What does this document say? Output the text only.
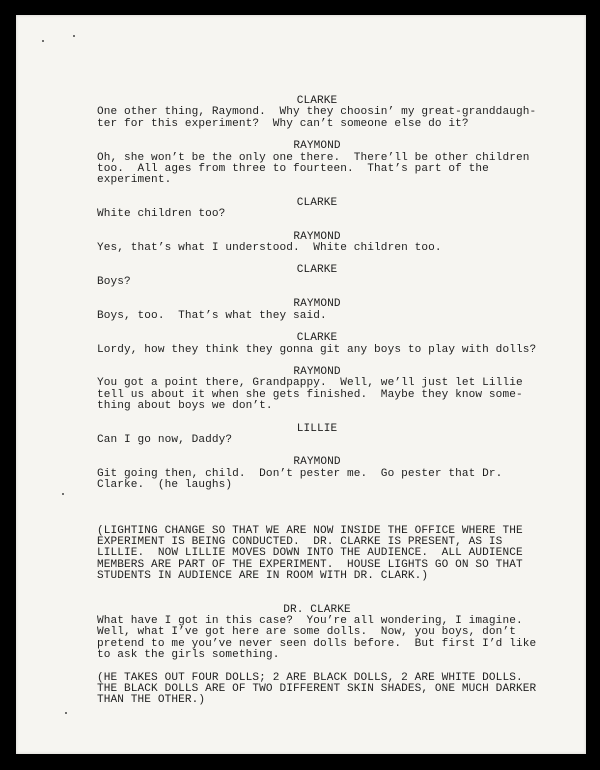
CLARKE
One other thing, Raymond.  Why they choosin’ my great-granddaugh-
ter for this experiment?  Why can’t someone else do it?
RAYMOND
Oh, she won’t be the only one there.  There’ll be other children
too.  All ages from three to fourteen.  That’s part of the
experiment.
CLARKE
White children too?
RAYMOND
Yes, that’s what I understood.  White children too.
CLARKE
Boys?
RAYMOND
Boys, too.  That’s what they said.
CLARKE
Lordy, how they think they gonna git any boys to play with dolls?
RAYMOND
You got a point there, Grandpappy.  Well, we’ll just let Lillie
tell us about it when she gets finished.  Maybe they know some-
thing about boys we don’t.
LILLIE
Can I go now, Daddy?
RAYMOND
Git going then, child.  Don’t pester me.  Go pester that Dr.
Clarke.  (he laughs)
(LIGHTING CHANGE SO THAT WE ARE NOW INSIDE THE OFFICE WHERE THE
EXPERIMENT IS BEING CONDUCTED.  DR. CLARKE IS PRESENT, AS IS
LILLIE.  NOW LILLIE MOVES DOWN INTO THE AUDIENCE.  ALL AUDIENCE
MEMBERS ARE PART OF THE EXPERIMENT.  HOUSE LIGHTS GO ON SO THAT
STUDENTS IN AUDIENCE ARE IN ROOM WITH DR. CLARK.)
DR. CLARKE
What have I got in this case?  You’re all wondering, I imagine.
Well, what I’ve got here are some dolls.  Now, you boys, don’t
pretend to me you’ve never seen dolls before.  But first I’d like
to ask the girls something.
(HE TAKES OUT FOUR DOLLS; 2 ARE BLACK DOLLS, 2 ARE WHITE DOLLS.
THE BLACK DOLLS ARE OF TWO DIFFERENT SKIN SHADES, ONE MUCH DARKER
THAN THE OTHER.)
